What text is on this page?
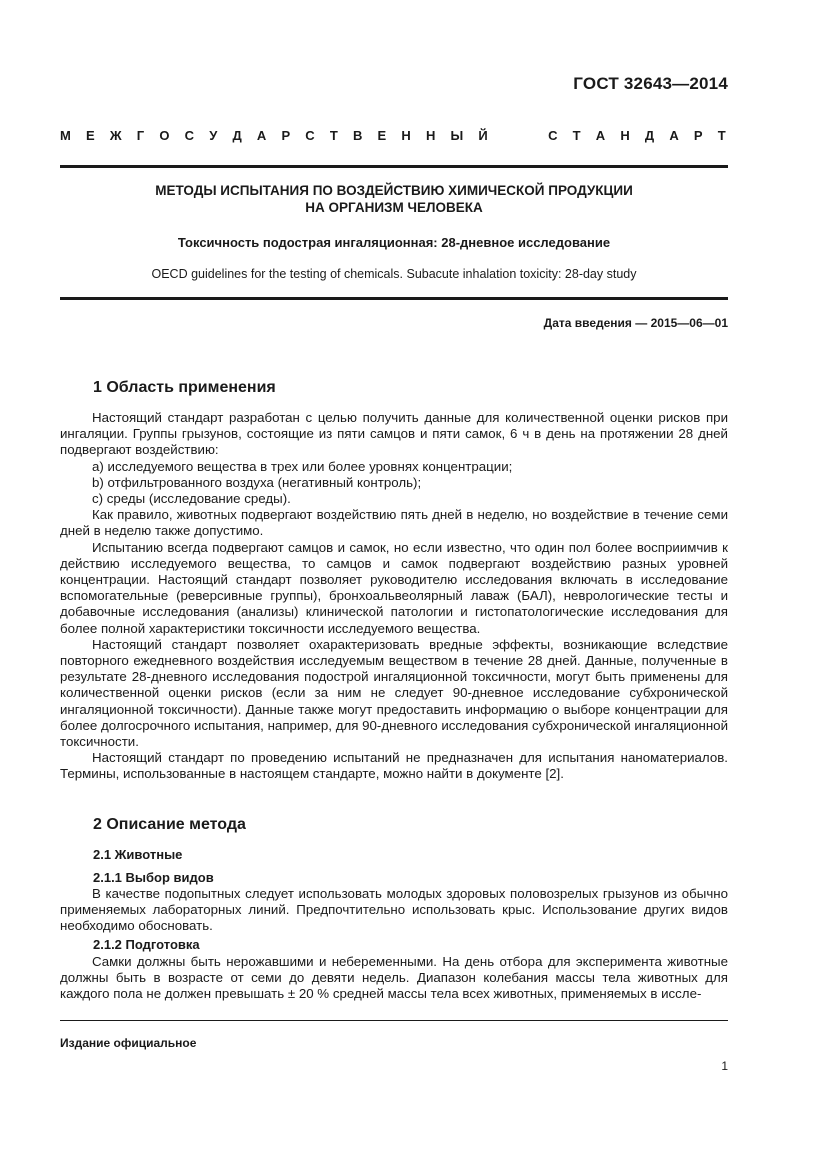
ГОСТ 32643—2014
М Е Ж Г О С У Д А Р С Т В Е Н Н Ы Й	С Т А Н Д А Р Т
МЕТОДЫ ИСПЫТАНИЯ ПО ВОЗДЕЙСТВИЮ ХИМИЧЕСКОЙ ПРОДУКЦИИ
НА ОРГАНИЗМ ЧЕЛОВЕКА
Токсичность подострая ингаляционная: 28-дневное исследование
OECD guidelines for the testing of chemicals. Subacute inhalation toxicity: 28-day study
Дата введения — 2015—06—01
1 Область применения

Настоящий стандарт разработан с целью получить данные для количественной оценки рисков при ингаляции. Группы грызунов, состоящие из пяти самцов и пяти самок, 6 ч в день на протяжении 28 дней подвергают воздействию:

a) исследуемого вещества в трех или более уровнях концентрации;

b) отфильтрованного воздуха (негативный контроль);

c) среды (исследование среды).

Как правило, животных подвергают воздействию пять дней в неделю, но воздействие в течение семи дней в неделю также допустимо.

Испытанию всегда подвергают самцов и самок, но если известно, что один пол более восприимчив к действию исследуемого вещества, то самцов и самок подвергают воздействию разных уровней концентрации. Настоящий стандарт позволяет руководителю исследования включать в исследование вспомогательные (реверсивные группы), бронхоальвеолярный лаваж (БАЛ), неврологические тесты и добавочные исследования (анализы) клинической патологии и гистопатологические исследования для более полной характеристики токсичности исследуемого вещества.

Настоящий стандарт позволяет охарактеризовать вредные эффекты, возникающие вследствие повторного ежедневного воздействия исследуемым веществом в течение 28 дней. Данные, полученные в результате 28-дневного исследования подострой ингаляционной токсичности, могут быть применены для количественной оценки рисков (если за ним не следует 90-дневное исследование субхронической ингаляционной токсичности). Данные также могут предоставить информацию о выборе концентрации для более долгосрочного испытания, например, для 90-дневного исследования субхронической ингаляционной токсичности.

Настоящий стандарт по проведению испытаний не предназначен для испытания наноматериалов. Термины, использованные в настоящем стандарте, можно найти в документе [2].

2 Описание метода
2.1 Животные
2.1.1 Выбор видов

В качестве подопытных следует использовать молодых здоровых половозрелых грызунов из обычно применяемых лабораторных линий. Предпочтительно использовать крыс. Использование других видов необходимо обосновать.

2.1.2 Подготовка

Самки должны быть нерожавшими и небеременными. На день отбора для эксперимента животные должны быть в возрасте от семи до девяти недель. Диапазон колебания массы тела животных для каждого пола не должен превышать ± 20 % средней массы тела всех животных, применяемых в иссле-

Издание официальное
1
